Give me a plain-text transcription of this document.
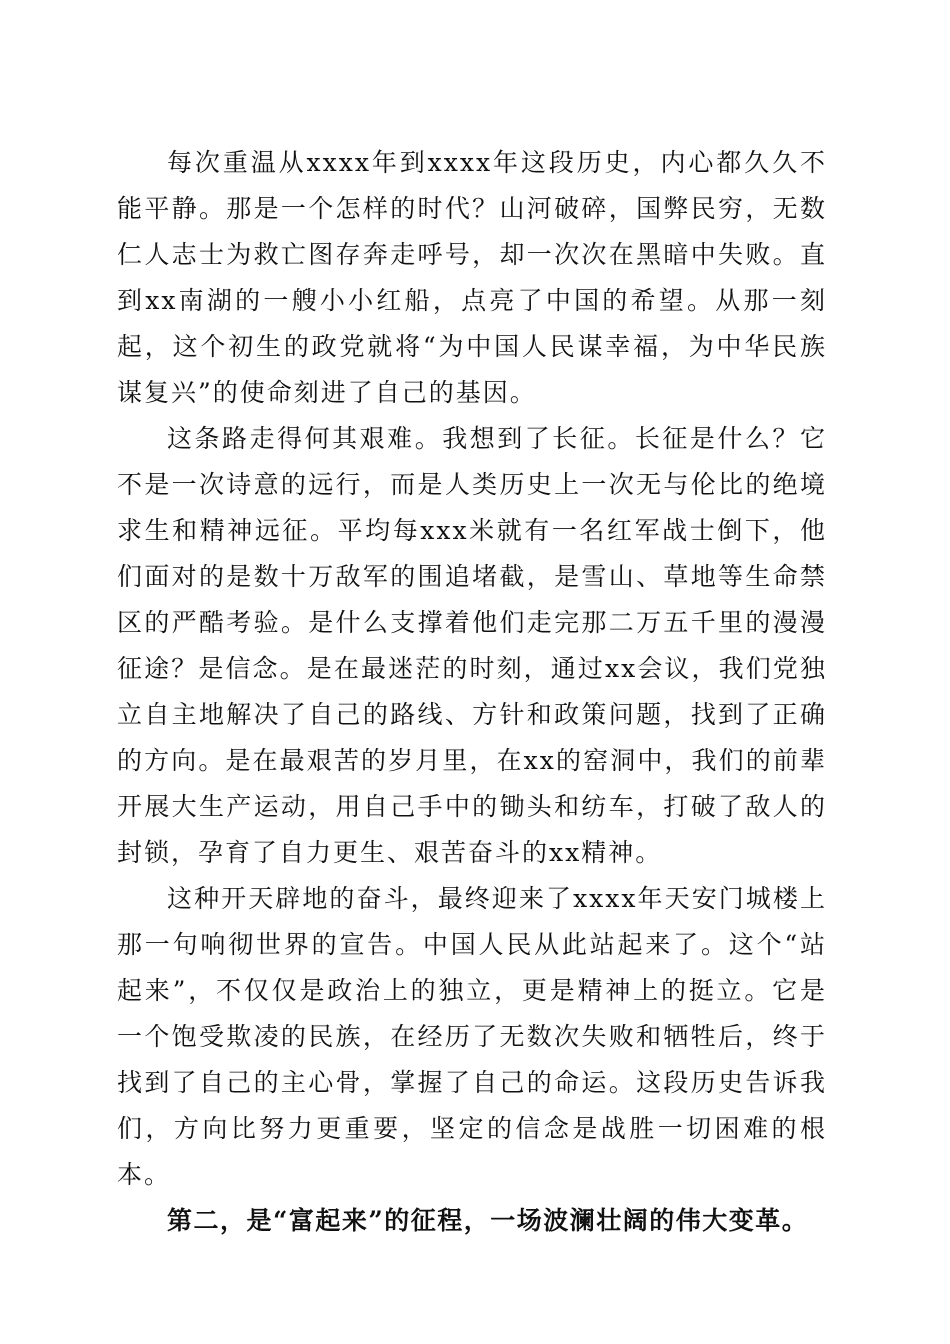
每次重温从xxxx年到xxxx年这段历史，内心都久久不能平静。那是一个怎样的时代？山河破碎，国弊民穷，无数仁人志士为救亡图存奔走呼号，却一次次在黑暗中失败。直到xx南湖的一艘小小红船，点亮了中国的希望。从那一刻起，这个初生的政党就将“为中国人民谋幸福，为中华民族谋复兴”的使命刻进了自己的基因。

这条路走得何其艰难。我想到了长征。长征是什么？它不是一次诗意的远行，而是人类历史上一次无与伦比的绝境求生和精神远征。平均每xxx米就有一名红军战士倒下，他们面对的是数十万敌军的围追堵截，是雪山、草地等生命禁区的严酷考验。是什么支撑着他们走完那二万五千里的漫漫征途？是信念。是在最迷茫的时刻，通过xx会议，我们党独立自主地解决了自己的路线、方针和政策问题，找到了正确的方向。是在最艰苦的岁月里，在xx的窑洞中，我们的前辈开展大生产运动，用自己手中的锄头和纺车，打破了敌人的封锁，孕育了自力更生、艰苦奋斗的xx精神。

这种开天辟地的奋斗，最终迎来了xxxx年天安门城楼上那一句响彻世界的宣告。中国人民从此站起来了。这个“站起来”，不仅仅是政治上的独立，更是精神上的挺立。它是一个饱受欺凌的民族，在经历了无数次失败和牺牲后，终于找到了自己的主心骨，掌握了自己的命运。这段历史告诉我们，方向比努力更重要，坚定的信念是战胜一切困难的根本。

第二，是“富起来”的征程，一场波澜壮阔的伟大变革。
